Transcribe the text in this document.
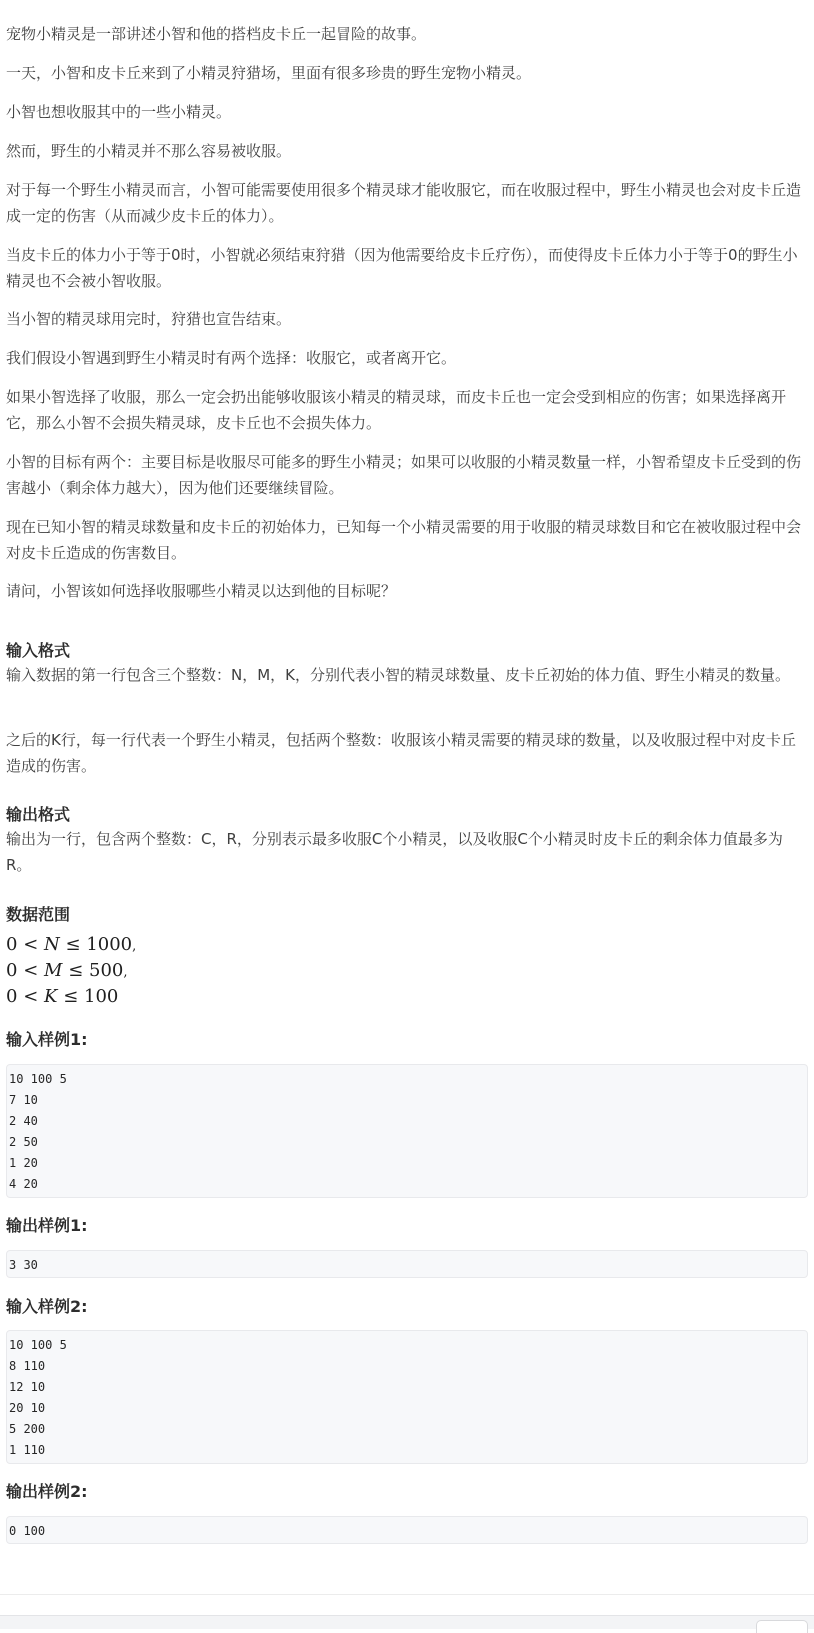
宠物小精灵是一部讲述小智和他的搭档皮卡丘一起冒险的故事。

一天，小智和皮卡丘来到了小精灵狩猎场，里面有很多珍贵的野生宠物小精灵。

小智也想收服其中的一些小精灵。

然而，野生的小精灵并不那么容易被收服。

对于每一个野生小精灵而言，小智可能需要使用很多个精灵球才能收服它，而在收服过程中，野生小精灵也会对皮卡丘造成一定的伤害（从而减少皮卡丘的体力）。

当皮卡丘的体力小于等于0时，小智就必须结束狩猎（因为他需要给皮卡丘疗伤），而使得皮卡丘体力小于等于0的野生小精灵也不会被小智收服。

当小智的精灵球用完时，狩猎也宣告结束。

我们假设小智遇到野生小精灵时有两个选择：收服它，或者离开它。

如果小智选择了收服，那么一定会扔出能够收服该小精灵的精灵球，而皮卡丘也一定会受到相应的伤害；如果选择离开它，那么小智不会损失精灵球，皮卡丘也不会损失体力。

小智的目标有两个：主要目标是收服尽可能多的野生小精灵；如果可以收服的小精灵数量一样，小智希望皮卡丘受到的伤害越小（剩余体力越大），因为他们还要继续冒险。

现在已知小智的精灵球数量和皮卡丘的初始体力，已知每一个小精灵需要的用于收服的精灵球数目和它在被收服过程中会对皮卡丘造成的伤害数目。

请问，小智该如何选择收服哪些小精灵以达到他的目标呢？

输入格式

输入数据的第一行包含三个整数：N，M，K，分别代表小智的精灵球数量、皮卡丘初始的体力值、野生小精灵的数量。

之后的K行，每一行代表一个野生小精灵，包括两个整数：收服该小精灵需要的精灵球的数量，以及收服过程中对皮卡丘造成的伤害。

输出格式

输出为一行，包含两个整数：C，R，分别表示最多收服C个小精灵，以及收服C个小精灵时皮卡丘的剩余体力值最多为R。

数据范围
0 < N ≤ 1000,
0 < M ≤ 500,
0 < K ≤ 100
输入样例1:
10 100 5
7 10
2 40
2 50
1 20
4 20
输出样例1:
3 30
输入样例2:
10 100 5
8 110
12 10
20 10
5 200
1 110
输出样例2:
0 100
